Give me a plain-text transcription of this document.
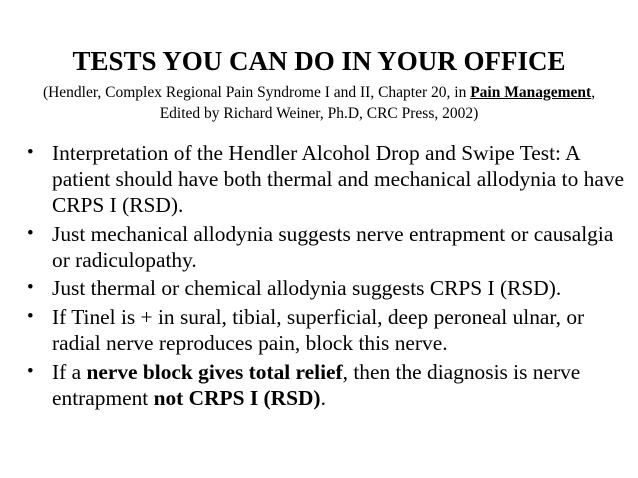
TESTS YOU CAN DO IN YOUR OFFICE
(Hendler, Complex Regional Pain Syndrome I and II, Chapter 20, in Pain Management, Edited by Richard Weiner, Ph.D, CRC Press, 2002)
• Interpretation of the Hendler Alcohol Drop and Swipe Test: A patient should have both thermal and mechanical allodynia to have CRPS I (RSD).
• Just mechanical allodynia suggests nerve entrapment or causalgia or radiculopathy.
• Just thermal or chemical allodynia suggests CRPS I (RSD).
• If Tinel is + in sural, tibial, superficial, deep peroneal ulnar, or radial nerve reproduces pain, block this nerve.
• If a nerve block gives total relief, then the diagnosis is nerve entrapment not CRPS I (RSD).
